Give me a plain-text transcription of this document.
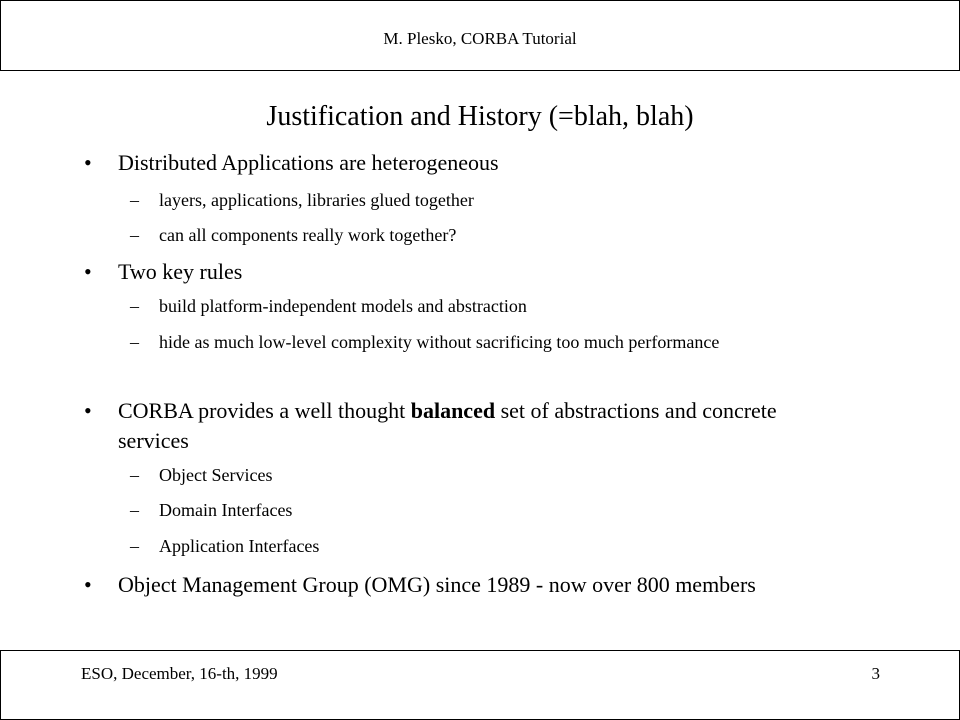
M. Plesko, CORBA Tutorial
Justification and History (=blah, blah)
• Distributed Applications are heterogeneous
– layers, applications, libraries glued together
– can all components really work together?
• Two key rules
– build platform-independent models and abstraction
– hide as much low-level complexity without sacrificing too much performance
• CORBA provides a well thought balanced set of abstractions and concrete services
– Object Services
– Domain Interfaces
– Application Interfaces
• Object Management Group (OMG) since 1989 - now over 800 members
ESO, December, 16-th, 1999	3
